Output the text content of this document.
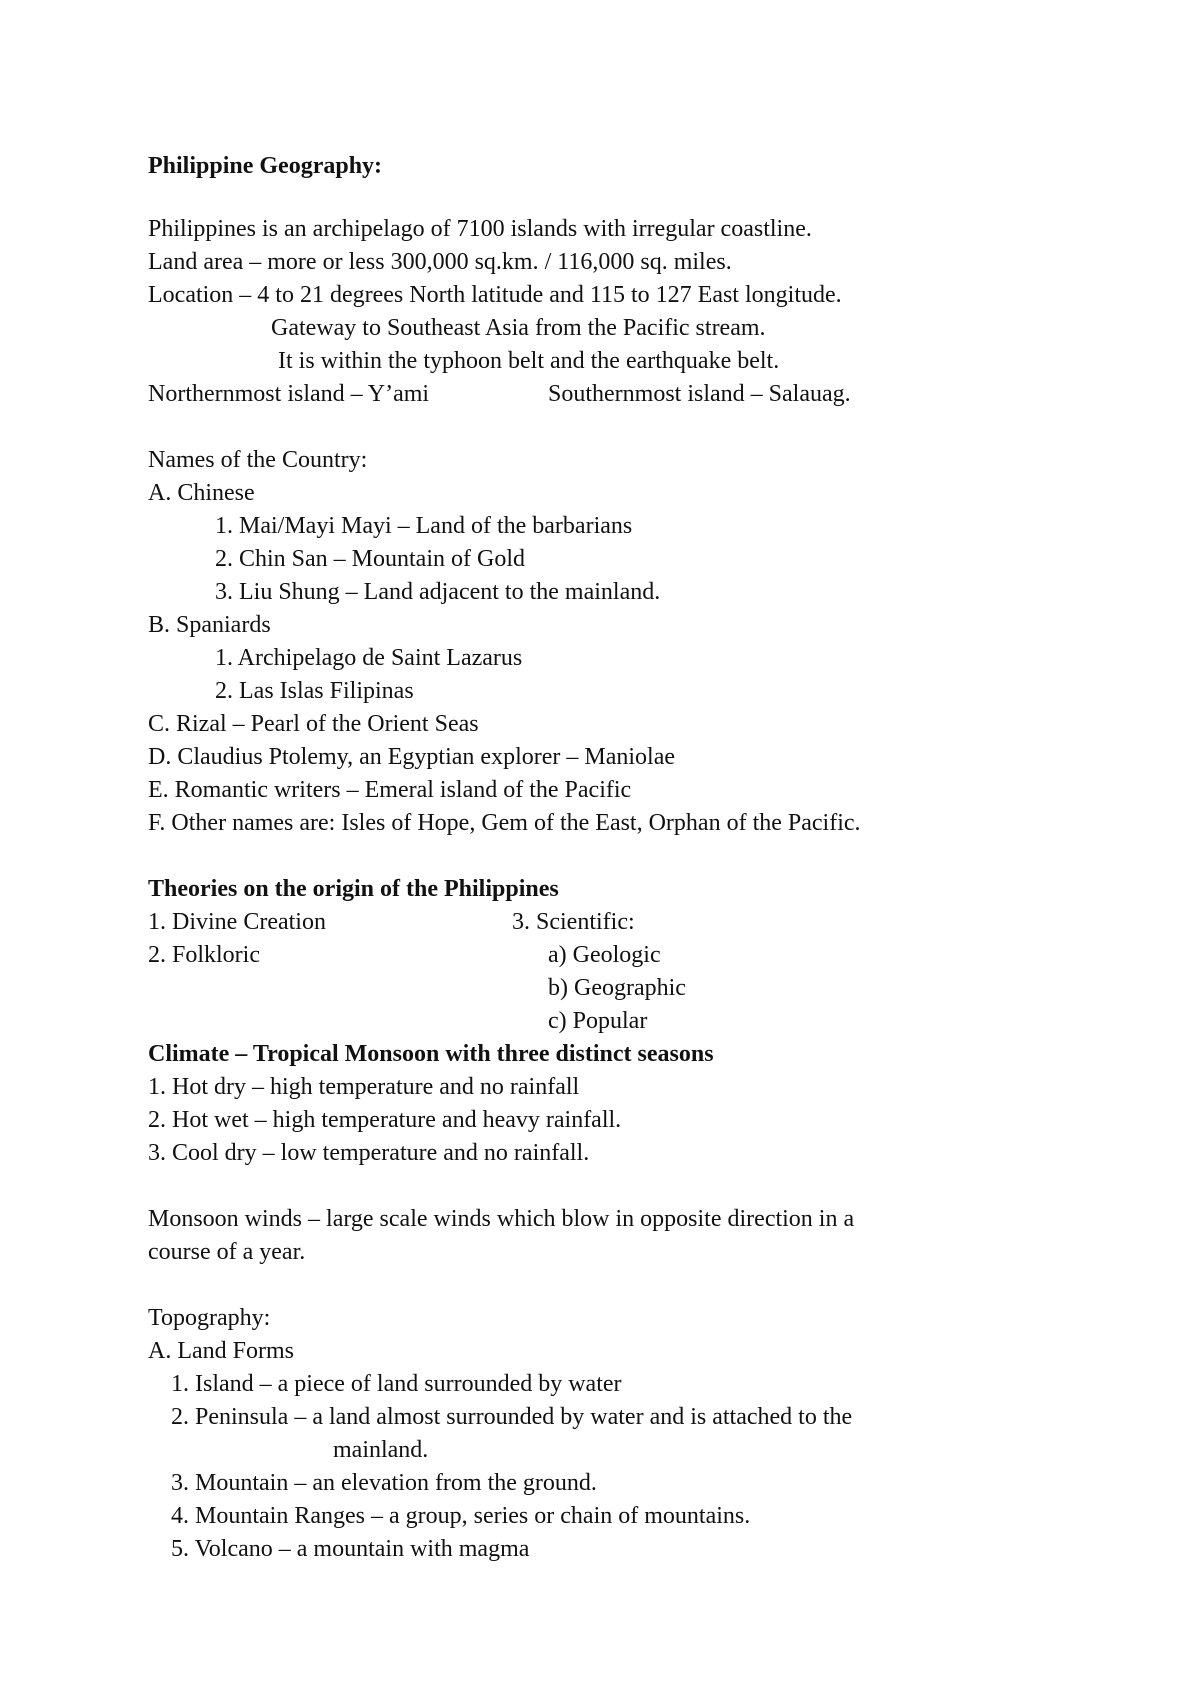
Philippine Geography:
Philippines is an archipelago of 7100 islands with irregular coastline.
Land area – more or less 300,000 sq.km. / 116,000 sq. miles.
Location – 4 to 21 degrees North latitude and 115 to 127 East longitude.
Gateway to Southeast Asia from the Pacific stream.
It is within the typhoon belt and the earthquake belt.
Northernmost island – Y’ami	Southernmost island – Salauag.
Names of the Country:
A. Chinese
1. Mai/Mayi Mayi – Land of the barbarians
2. Chin San – Mountain of Gold
3. Liu Shung – Land adjacent to the mainland.
B. Spaniards
1. Archipelago de Saint Lazarus
2. Las Islas Filipinas
C. Rizal – Pearl of the Orient Seas
D. Claudius Ptolemy, an Egyptian explorer – Maniolae
E. Romantic writers – Emeral island of the Pacific
F. Other names are: Isles of Hope, Gem of the East, Orphan of the Pacific.
Theories on the origin of the Philippines
1. Divine Creation	3. Scientific:
2. Folkloric	a) Geologic
b) Geographic
c) Popular
Climate – Tropical Monsoon with three distinct seasons
1. Hot dry – high temperature and no rainfall
2. Hot wet – high temperature and heavy rainfall.
3. Cool dry – low temperature and no rainfall.
Monsoon winds – large scale winds which blow in opposite direction in a
course of a year.
Topography:
A. Land Forms
1. Island – a piece of land surrounded by water
2. Peninsula – a land almost surrounded by water and is attached to the
mainland.
3. Mountain – an elevation from the ground.
4. Mountain Ranges – a group, series or chain of mountains.
5. Volcano – a mountain with magma
